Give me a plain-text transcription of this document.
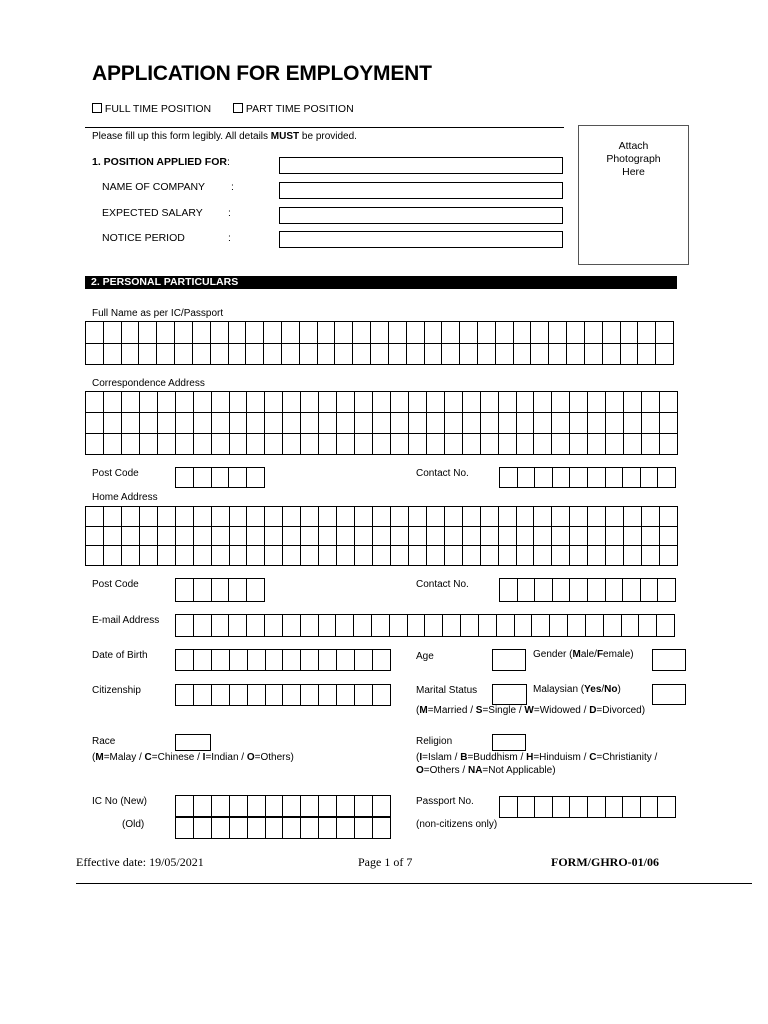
APPLICATION FOR EMPLOYMENT
FULL TIME POSITION	PART TIME POSITION
Please fill up this form legibly. All details MUST be provided.
1. POSITION APPLIED FOR:
NAME OF COMPANY :
EXPECTED SALARY :
NOTICE PERIOD	:
Attach
Photograph
Here
2. PERSONAL PARTICULARS
Full Name as per IC/Passport
Correspondence Address
Post Code	Contact No.
Home Address
Post Code	Contact No.
E-mail Address
Date of Birth	Age	Gender (Male/Female)
Citizenship	Marital Status	Malaysian (Yes/No)
(M=Married / S=Single / W=Widowed / D=Divorced)
Race
(M=Malay / C=Chinese / I=Indian / O=Others)
Religion
(I=Islam / B=Buddhism / H=Hinduism / C=Christianity /
O=Others / NA=Not Applicable)
IC No (New)
(Old)
Passport No.
(non-citizens only)
Effective date: 19/05/2021	Page 1 of 7	FORM/GHRO-01/06
